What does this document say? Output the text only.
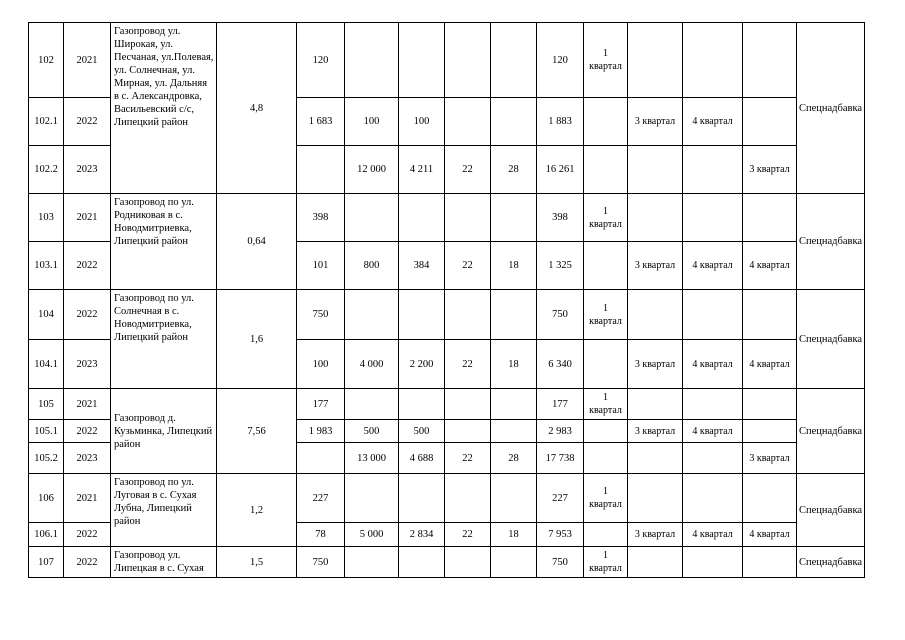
102	2021	Газопровод ул. Широкая, ул. Песчаная, ул.Полевая, ул. Солнечная, ул. Мирная, ул. Дальняя в с. Александровка, Васильевский с/с, Липецкий район	4,8	120					120	1 квартал				Спецнадбавка
102.1	2022			1 683	100	100			1 883		3 квартал	4 квартал		
102.2	2023				12 000	4 211	22	28	16 261				3 квартал	
103	2021	Газопровод по ул. Родниковая в с. Новодмитриевка, Липецкий район	0,64	398					398	1 квартал				Спецнадбавка
103.1	2022			101	800	384	22	18	1 325		3 квартал	4 квартал	4 квартал	
104	2022	Газопровод по ул. Солнечная в с. Новодмитриевка, Липецкий район	1,6	750					750	1 квартал				Спецнадбавка
104.1	2023			100	4 000	2 200	22	18	6 340		3 квартал	4 квартал	4 квартал	
105	2021	Газопровод д. Кузьминка, Липецкий район	7,56	177					177	1 квартал				Спецнадбавка
105.1	2022			1 983	500	500			2 983		3 квартал	4 квартал		
105.2	2023				13 000	4 688	22	28	17 738				3 квартал	
106	2021	Газопровод по ул. Луговая в с. Сухая Лубна, Липецкий район	1,2	227					227	1 квартал				Спецнадбавка
106.1	2022			78	5 000	2 834	22	18	7 953		3 квартал	4 квартал	4 квартал	
107	2022	Газопровод ул. Липецкая в с. Сухая	1,5	750					750	1 квартал				Спецнадбавка
